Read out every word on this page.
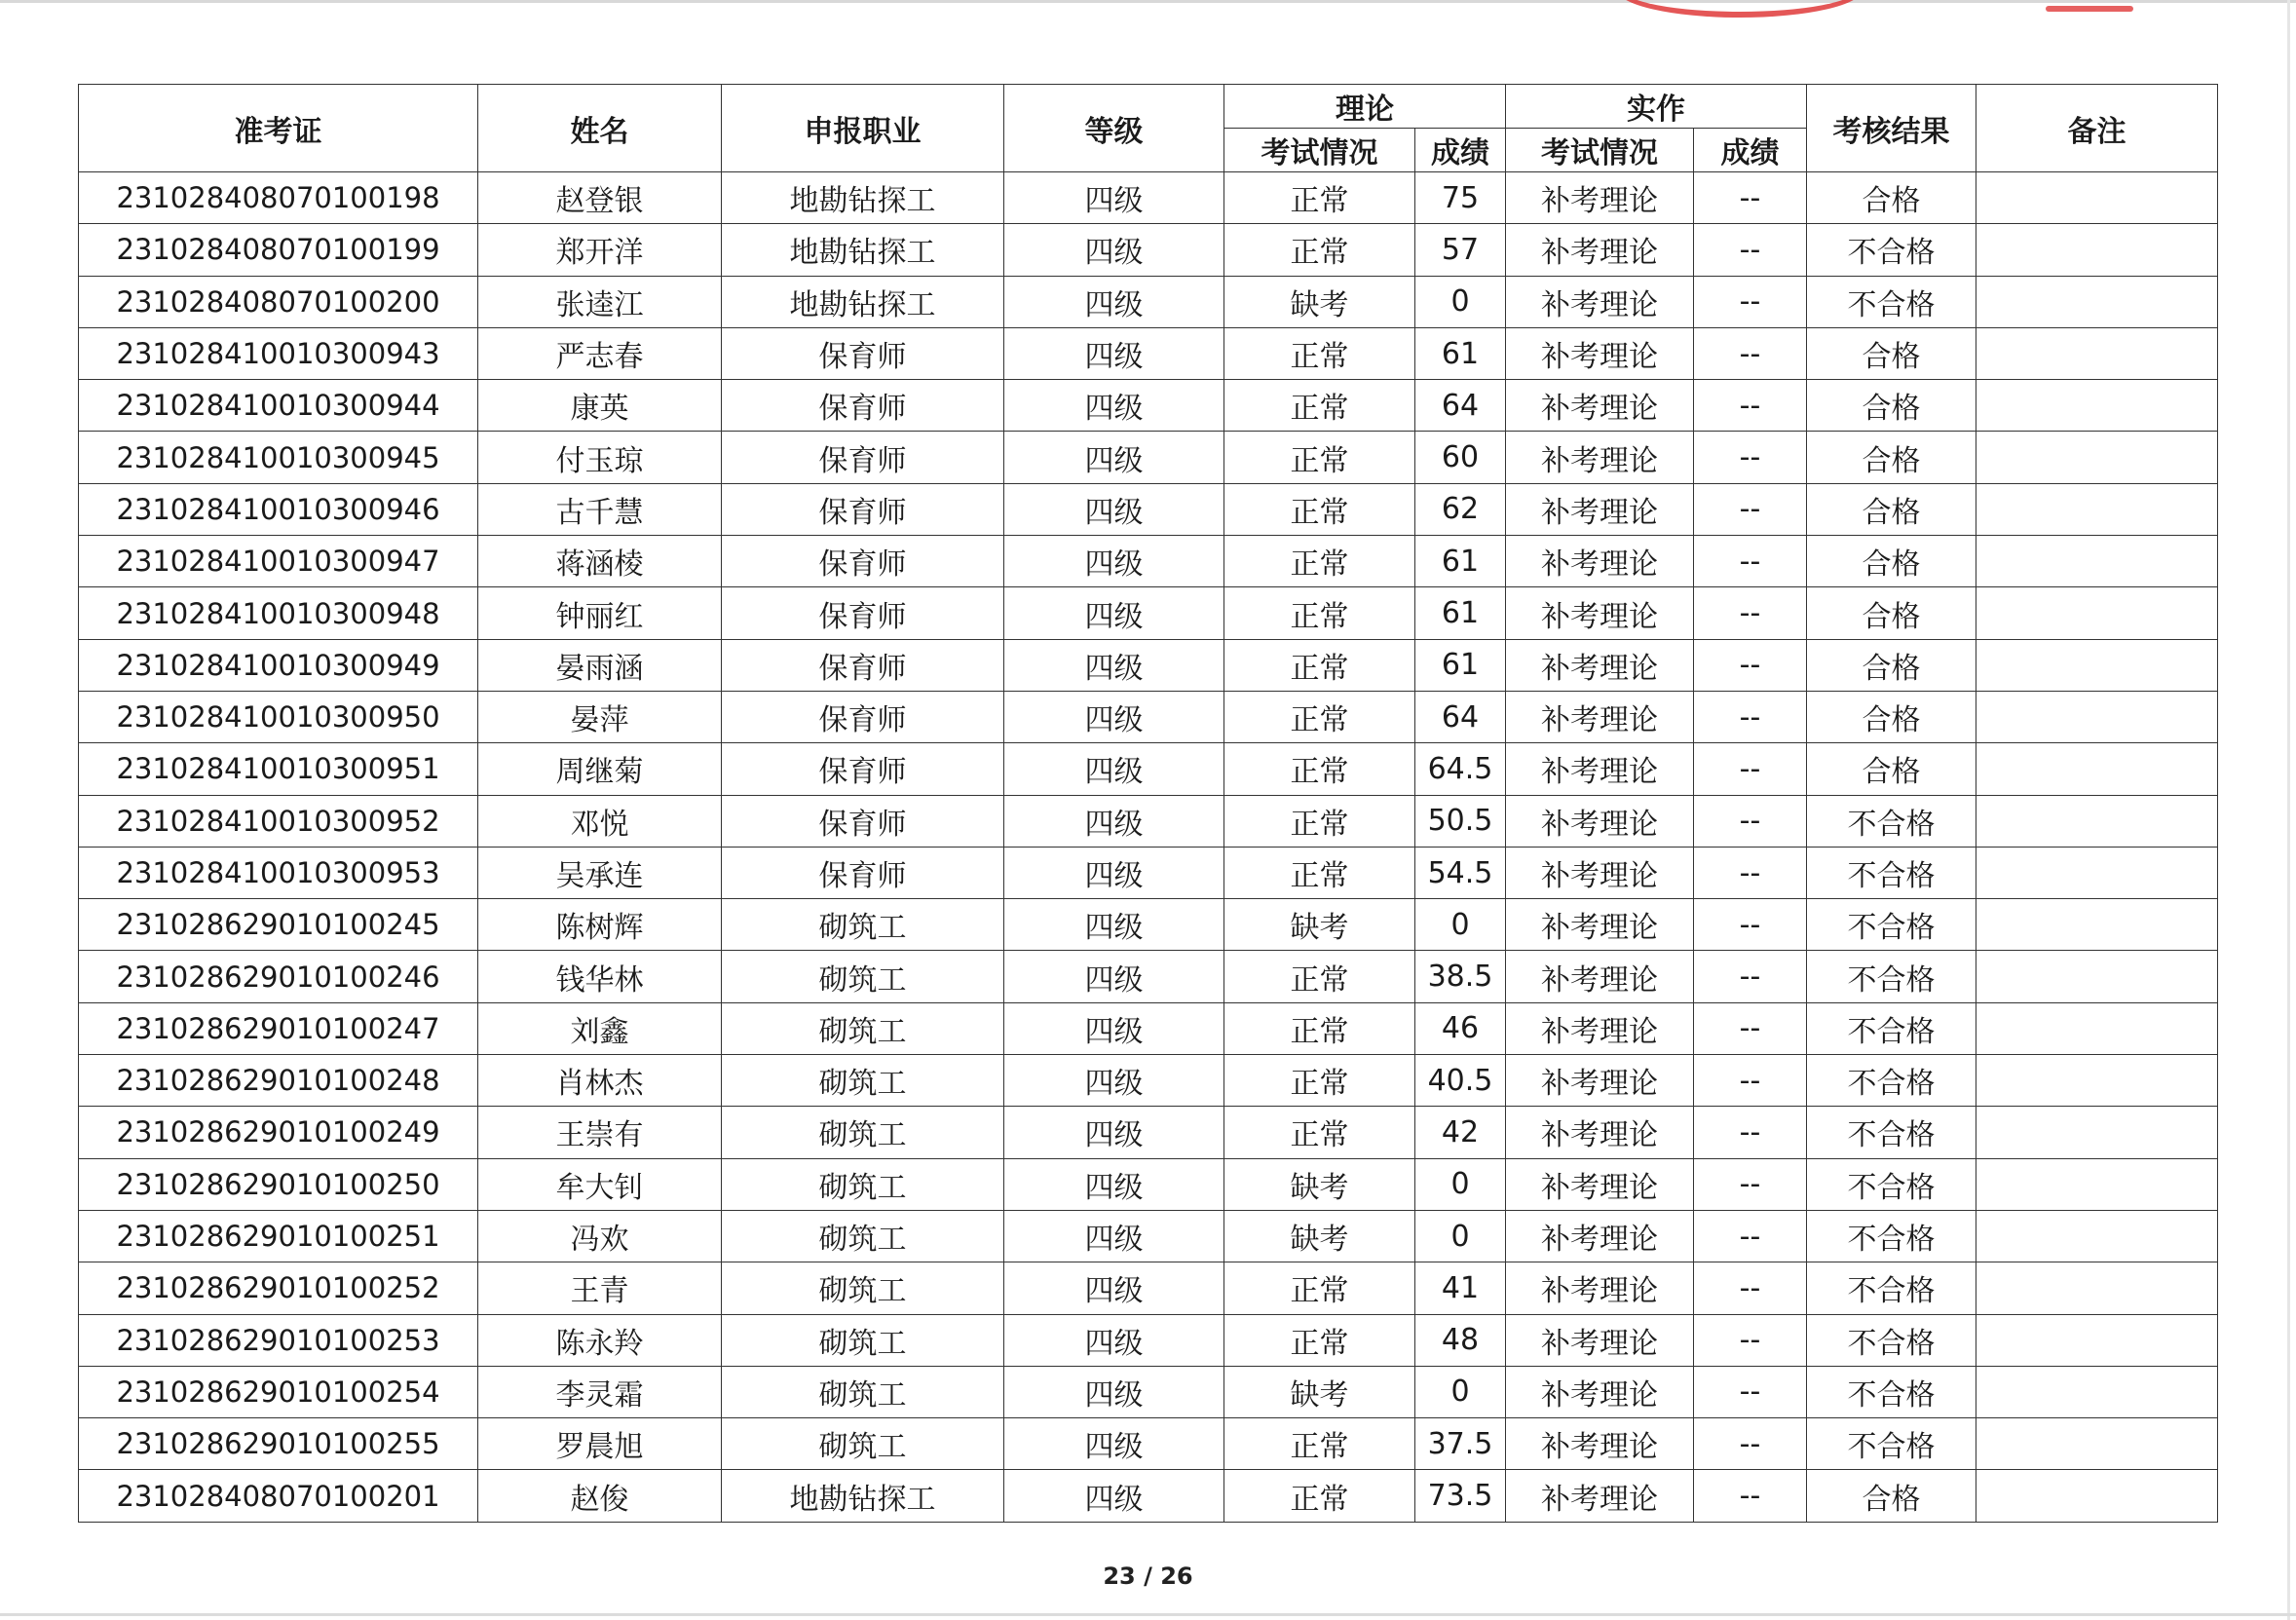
准考证	姓名	申报职业	等级	理论		实作		考核结果	备注
				考试情况	成绩	考试情况	成绩		
231028408070100198	赵登银	地勘钻探工	四级	正常	75	补考理论	--	合格	
231028408070100199	郑开洋	地勘钻探工	四级	正常	57	补考理论	--	不合格	
231028408070100200	张逵江	地勘钻探工	四级	缺考	0	补考理论	--	不合格	
231028410010300943	严志春	保育师	四级	正常	61	补考理论	--	合格	
231028410010300944	康英	保育师	四级	正常	64	补考理论	--	合格	
231028410010300945	付玉琼	保育师	四级	正常	60	补考理论	--	合格	
231028410010300946	古千慧	保育师	四级	正常	62	补考理论	--	合格	
231028410010300947	蒋涵棱	保育师	四级	正常	61	补考理论	--	合格	
231028410010300948	钟丽红	保育师	四级	正常	61	补考理论	--	合格	
231028410010300949	晏雨涵	保育师	四级	正常	61	补考理论	--	合格	
231028410010300950	晏萍	保育师	四级	正常	64	补考理论	--	合格	
231028410010300951	周继菊	保育师	四级	正常	64.5	补考理论	--	合格	
231028410010300952	邓悦	保育师	四级	正常	50.5	补考理论	--	不合格	
231028410010300953	吴承连	保育师	四级	正常	54.5	补考理论	--	不合格	
231028629010100245	陈树辉	砌筑工	四级	缺考	0	补考理论	--	不合格	
231028629010100246	钱华林	砌筑工	四级	正常	38.5	补考理论	--	不合格	
231028629010100247	刘鑫	砌筑工	四级	正常	46	补考理论	--	不合格	
231028629010100248	肖林杰	砌筑工	四级	正常	40.5	补考理论	--	不合格	
231028629010100249	王崇有	砌筑工	四级	正常	42	补考理论	--	不合格	
231028629010100250	牟大钊	砌筑工	四级	缺考	0	补考理论	--	不合格	
231028629010100251	冯欢	砌筑工	四级	缺考	0	补考理论	--	不合格	
231028629010100252	王青	砌筑工	四级	正常	41	补考理论	--	不合格	
231028629010100253	陈永羚	砌筑工	四级	正常	48	补考理论	--	不合格	
231028629010100254	李灵霜	砌筑工	四级	缺考	0	补考理论	--	不合格	
231028629010100255	罗晨旭	砌筑工	四级	正常	37.5	补考理论	--	不合格	
231028408070100201	赵俊	地勘钻探工	四级	正常	73.5	补考理论	--	合格	
23 / 26
